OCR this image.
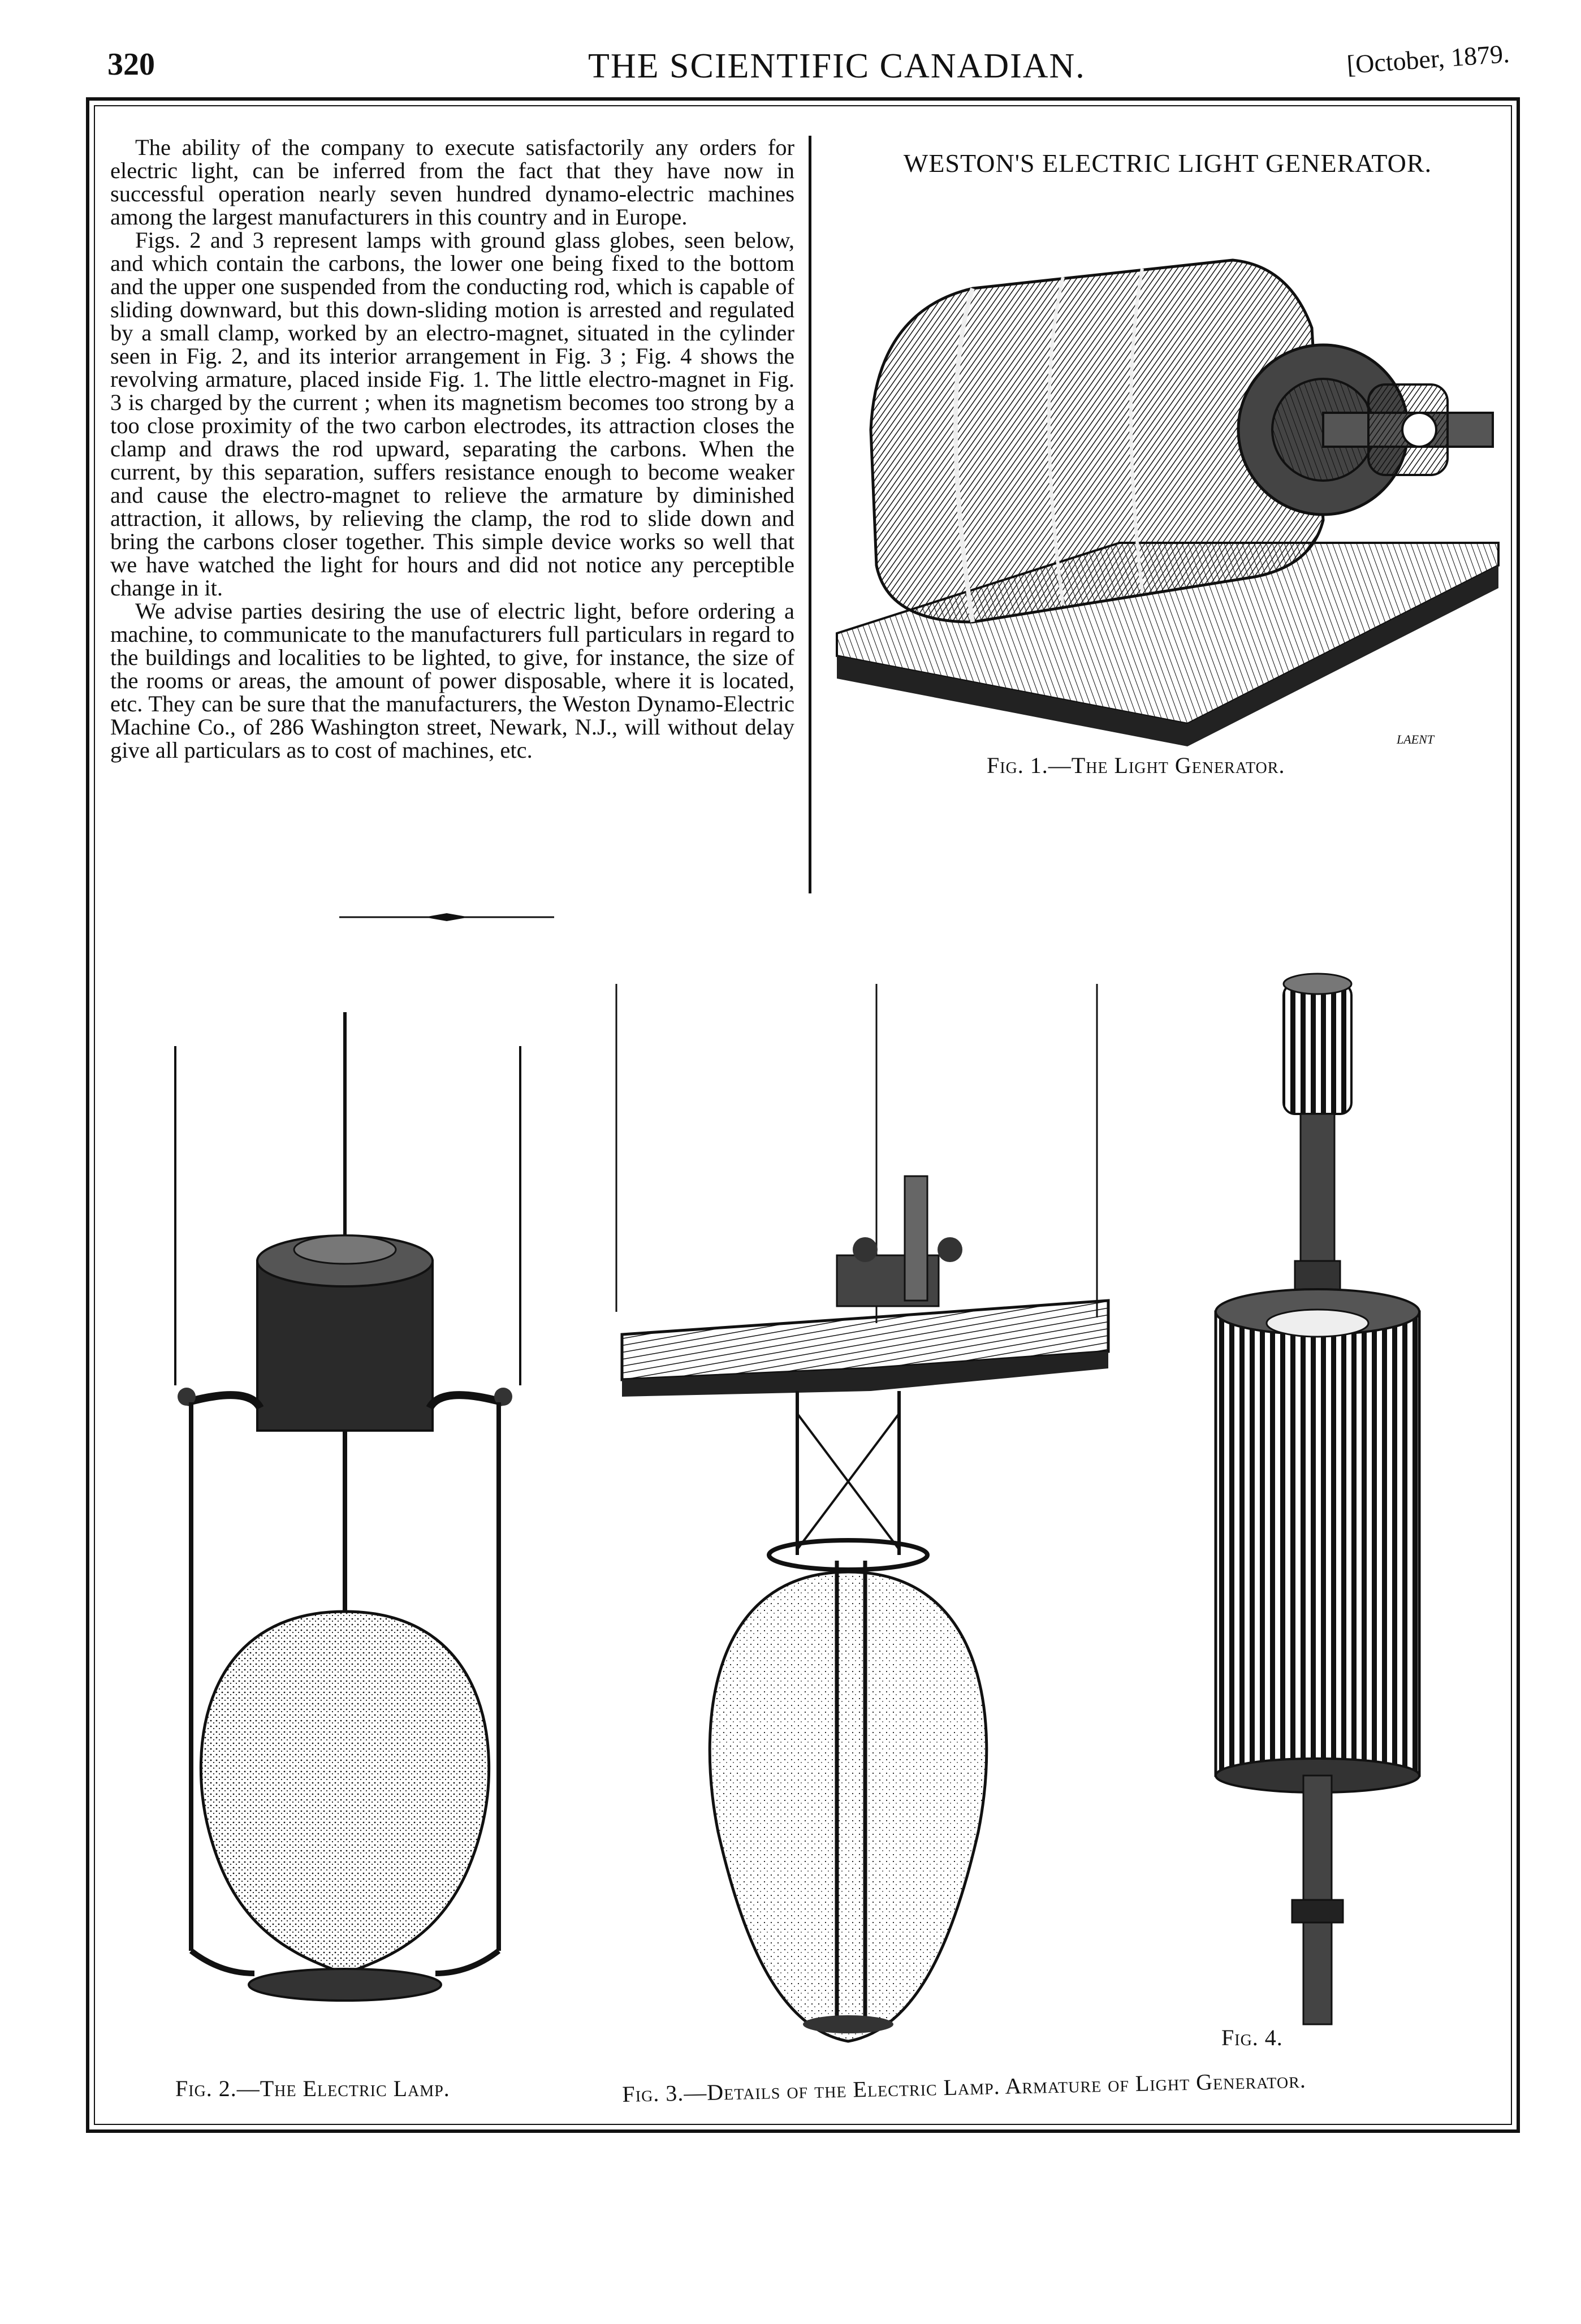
320	THE SCIENTIFIC CANADIAN.	[October, 1879.

The ability of the company to execute satisfactorily any orders for electric light, can be inferred from the fact that they have now in successful operation nearly seven hundred dynamo-electric machines among the largest manufacturers in this country and in Europe.

Figs. 2 and 3 represent lamps with ground glass globes, seen below, and which contain the carbons, the lower one being fixed to the bottom and the upper one suspended from the conducting rod, which is capable of sliding downward, but this down-sliding motion is arrested and regulated by a small clamp, worked by an electro-magnet, situated in the cylinder seen in Fig. 2, and its interior arrangement in Fig. 3 ; Fig. 4 shows the revolving armature, placed inside Fig. 1. The little electro-magnet in Fig. 3 is charged by the current ; when its magnetism becomes too strong by a too close proximity of the two carbon electrodes, its attraction closes the clamp and draws the rod upward, separating the carbons. When the current, by this separation, suffers resistance enough to become weaker and cause the electro-magnet to relieve the armature by diminished attraction, it allows, by relieving the clamp, the rod to slide down and bring the carbons closer together. This simple device works so well that we have watched the light for hours and did not notice any perceptible change in it.

We advise parties desiring the use of electric light, before ordering a machine, to communicate to the manufacturers full particulars in regard to the buildings and localities to be lighted, to give, for instance, the size of the rooms or areas, the amount of power disposable, where it is located, etc. They can be sure that the manufacturers, the Weston Dynamo-Electric Machine Co., of 286 Washington street, Newark, N.J., will without delay give all particulars as to cost of machines, etc.

WESTON'S ELECTRIC LIGHT GENERATOR.
LAENT
Fig. 1.—The Light Generator.
Fig. 2.—The Electric Lamp.
Fig. 4.
Fig. 3.—Details of the Electric Lamp. Armature of Light Generator.
